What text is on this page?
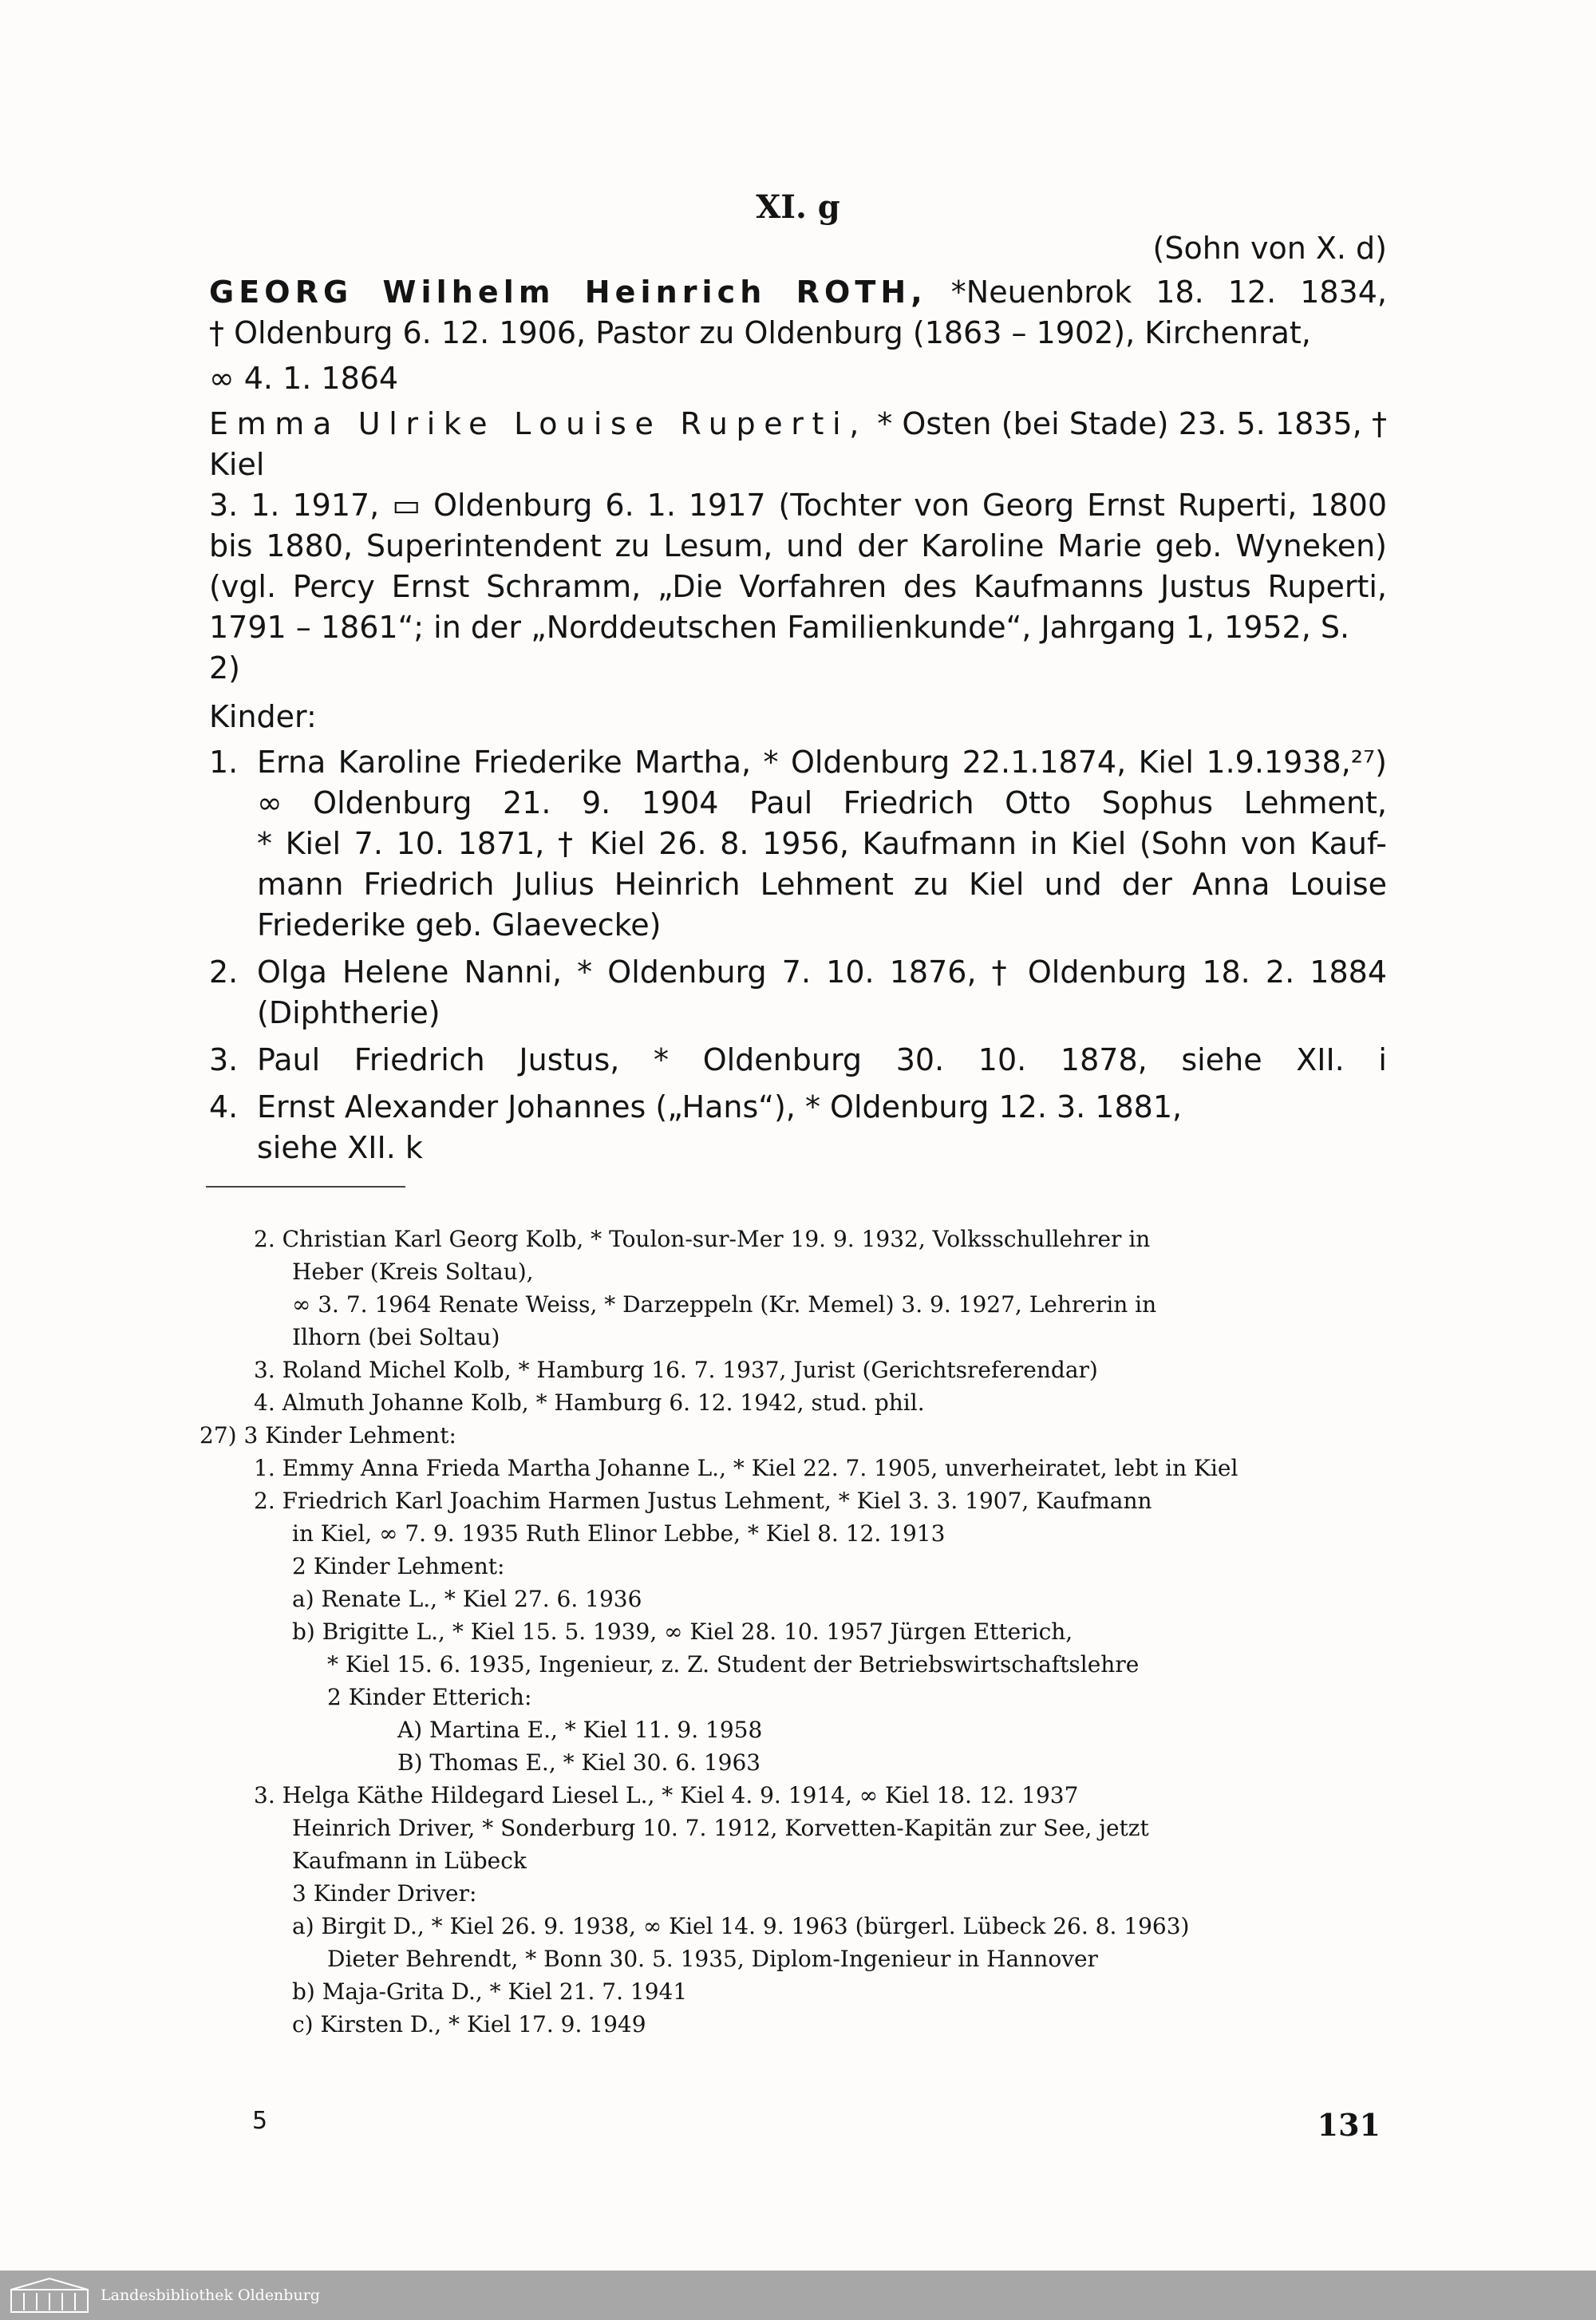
XI. g
(Sohn von X. d)
GEORG Wilhelm Heinrich ROTH, *Neuenbrok 18. 12. 1834,
† Oldenburg 6. 12. 1906, Pastor zu Oldenburg (1863 – 1902), Kirchenrat,
∞ 4. 1. 1864
Emma Ulrike Louise Ruperti, * Osten (bei Stade) 23. 5. 1835, † Kiel
3. 1. 1917, ▭ Oldenburg 6. 1. 1917 (Tochter von Georg Ernst Ruperti, 1800
bis 1880, Superintendent zu Lesum, und der Karoline Marie geb. Wyneken)
(vgl. Percy Ernst Schramm, „Die Vorfahren des Kaufmanns Justus Ruperti,
1791 – 1861“; in der „Norddeutschen Familienkunde“, Jahrgang 1, 1952, S. 2)
Kinder:
1. Erna Karoline Friederike Martha, * Oldenburg 22.1.1874, Kiel 1.9.1938,²⁷)
∞ Oldenburg 21. 9. 1904 Paul Friedrich Otto Sophus Lehment,
* Kiel 7. 10. 1871, † Kiel 26. 8. 1956, Kaufmann in Kiel (Sohn von Kauf-
mann Friedrich Julius Heinrich Lehment zu Kiel und der Anna Louise
Friederike geb. Glaevecke)
2. Olga Helene Nanni, * Oldenburg 7. 10. 1876, † Oldenburg 18. 2. 1884
(Diphtherie)
3. Paul Friedrich Justus, * Oldenburg 30. 10. 1878, siehe XII. i
4. Ernst Alexander Johannes („Hans“), * Oldenburg 12. 3. 1881,
siehe XII. k
2. Christian Karl Georg Kolb, * Toulon-sur-Mer 19. 9. 1932, Volksschullehrer in
Heber (Kreis Soltau),
∞ 3. 7. 1964 Renate Weiss, * Darzeppeln (Kr. Memel) 3. 9. 1927, Lehrerin in
Ilhorn (bei Soltau)
3. Roland Michel Kolb, * Hamburg 16. 7. 1937, Jurist (Gerichtsreferendar)
4. Almuth Johanne Kolb, * Hamburg 6. 12. 1942, stud. phil.
27) 3 Kinder Lehment:
1. Emmy Anna Frieda Martha Johanne L., * Kiel 22. 7. 1905, unverheiratet, lebt in Kiel
2. Friedrich Karl Joachim Harmen Justus Lehment, * Kiel 3. 3. 1907, Kaufmann
in Kiel, ∞ 7. 9. 1935 Ruth Elinor Lebbe, * Kiel 8. 12. 1913
2 Kinder Lehment:
a) Renate L., * Kiel 27. 6. 1936
b) Brigitte L., * Kiel 15. 5. 1939, ∞ Kiel 28. 10. 1957 Jürgen Etterich,
* Kiel 15. 6. 1935, Ingenieur, z. Z. Student der Betriebswirtschaftslehre
2 Kinder Etterich:
A) Martina E., * Kiel 11. 9. 1958
B) Thomas E., * Kiel 30. 6. 1963
3. Helga Käthe Hildegard Liesel L., * Kiel 4. 9. 1914, ∞ Kiel 18. 12. 1937
Heinrich Driver, * Sonderburg 10. 7. 1912, Korvetten-Kapitän zur See, jetzt
Kaufmann in Lübeck
3 Kinder Driver:
a) Birgit D., * Kiel 26. 9. 1938, ∞ Kiel 14. 9. 1963 (bürgerl. Lübeck 26. 8. 1963)
Dieter Behrendt, * Bonn 30. 5. 1935, Diplom-Ingenieur in Hannover
b) Maja-Grita D., * Kiel 21. 7. 1941
c) Kirsten D., * Kiel 17. 9. 1949
5	131
Landesbibliothek Oldenburg
